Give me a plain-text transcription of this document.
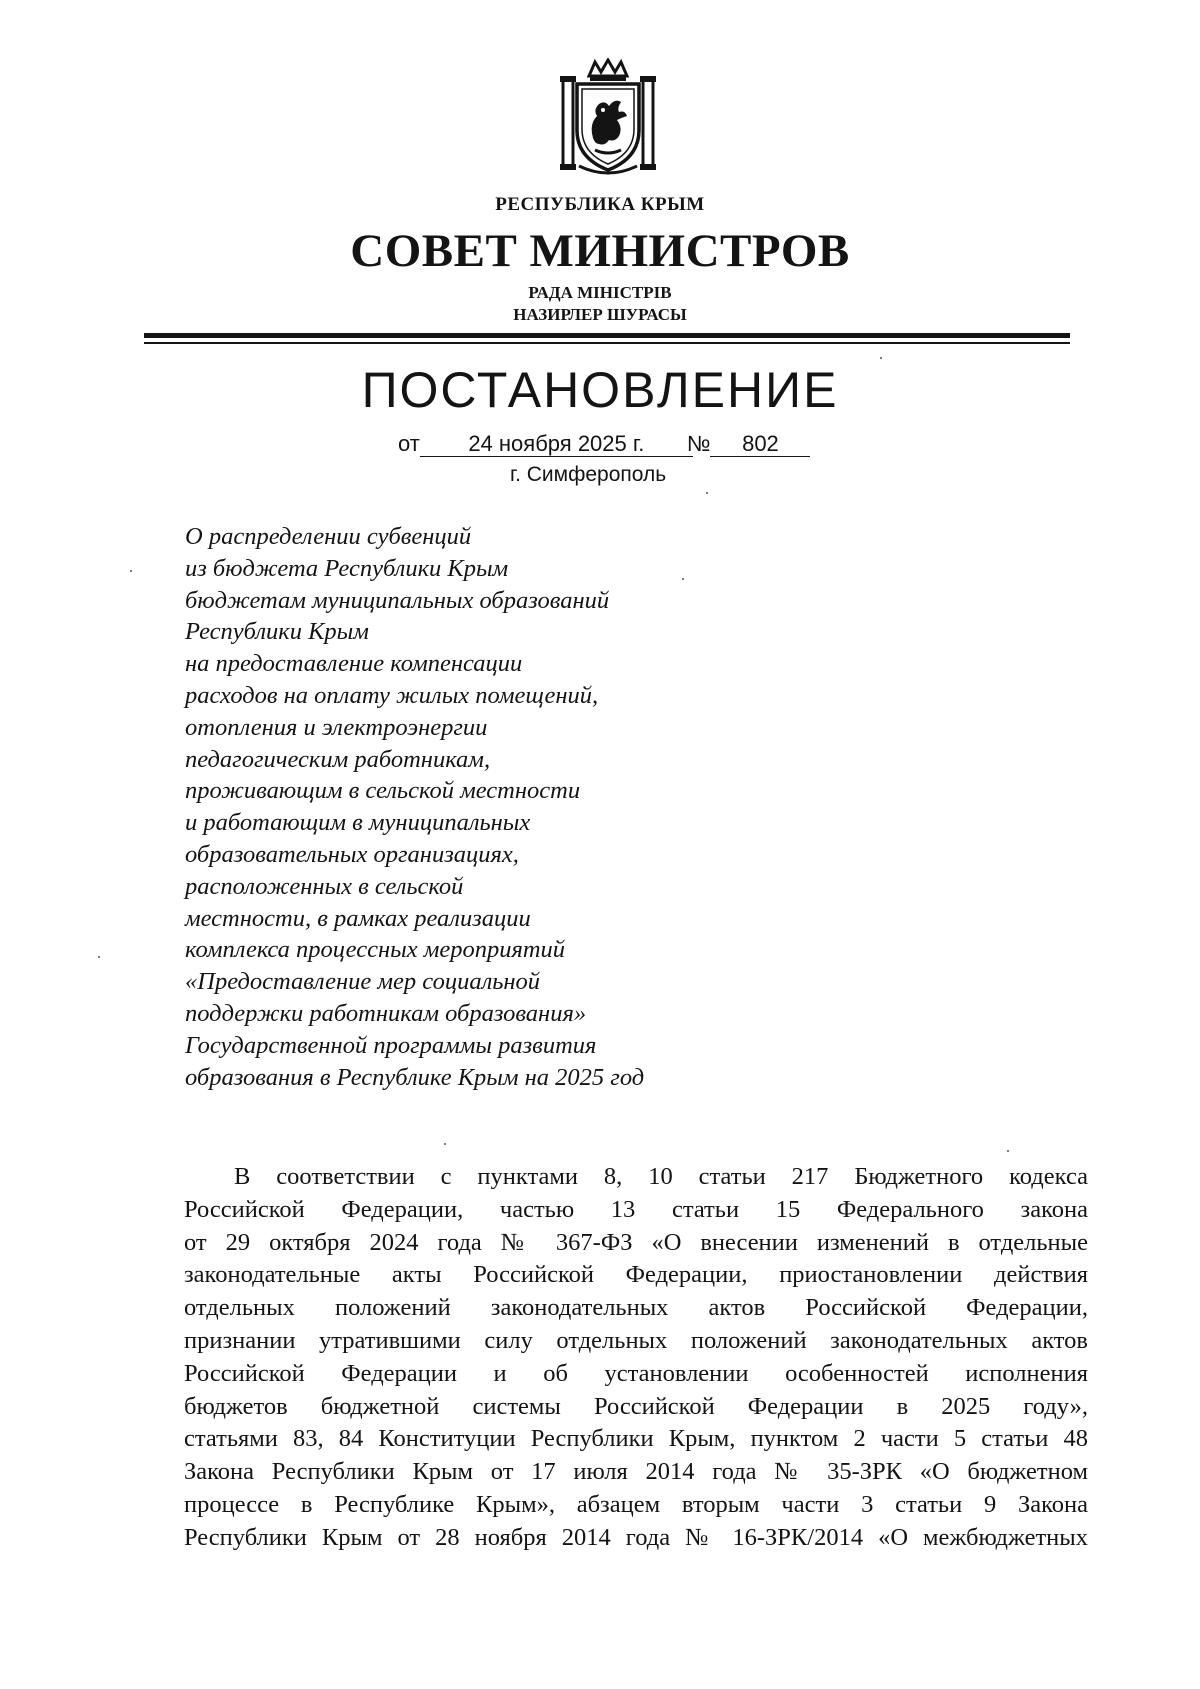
РЕСПУБЛИКА КРЫМ
СОВЕТ МИНИСТРОВ
РАДА МІНІСТРІВ
НАЗИРЛЕР ШУРАСЫ
ПОСТАНОВЛЕНИЕ
от 24 ноября 2025 г. № 802
г. Симферополь
О распределении субвенций
из бюджета Республики Крым
бюджетам муниципальных образований
Республики Крым
на предоставление компенсации
расходов на оплату жилых помещений,
отопления и электроэнергии
педагогическим работникам,
проживающим в сельской местности
и работающим в муниципальных
образовательных организациях,
расположенных в сельской
местности, в рамках реализации
комплекса процессных мероприятий
«Предоставление мер социальной
поддержки работникам образования»
Государственной программы развития
образования в Республике Крым на 2025 год
В соответствии с пунктами 8, 10 статьи 217 Бюджетного кодекса
Российской Федерации, частью 13 статьи 15 Федерального закона
от 29 октября 2024 года № 367-ФЗ «О внесении изменений в отдельные
законодательные акты Российской Федерации, приостановлении действия
отдельных положений законодательных актов Российской Федерации,
признании утратившими силу отдельных положений законодательных актов
Российской Федерации и об установлении особенностей исполнения
бюджетов бюджетной системы Российской Федерации в 2025 году»,
статьями 83, 84 Конституции Республики Крым, пунктом 2 части 5 статьи 48
Закона Республики Крым от 17 июля 2014 года № 35-ЗРК «О бюджетном
процессе в Республике Крым», абзацем вторым части 3 статьи 9 Закона
Республики Крым от 28 ноября 2014 года № 16-ЗРК/2014 «О межбюджетных
